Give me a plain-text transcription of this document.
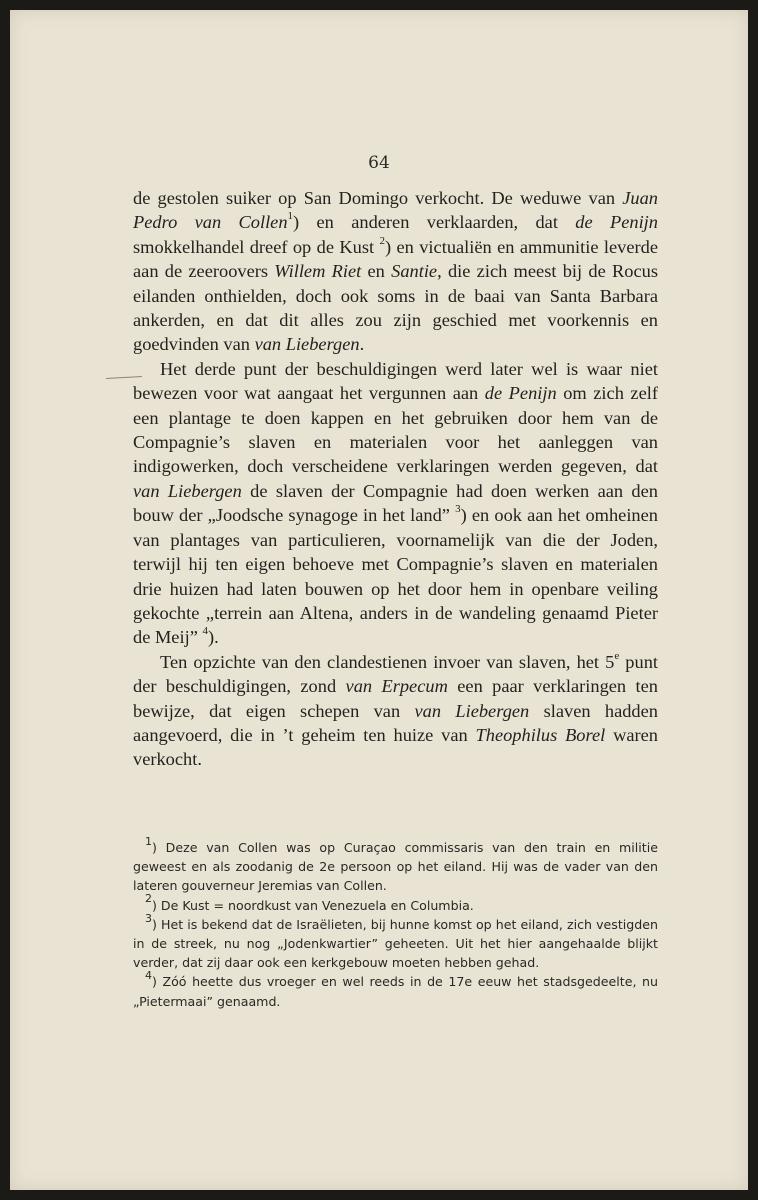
64

de gestolen suiker op San Domingo verkocht. De weduwe van Juan Pedro van Collen$^1$) en anderen verklaarden, dat de Penijn smokkelhandel dreef op de Kust $^2$) en victualiën en ammunitie leverde aan de zeeroovers Willem Riet en Santie, die zich meest bij de Rocus eilanden onthielden, doch ook soms in de baai van Santa Barbara ankerden, en dat dit alles zou zijn geschied met voorkennis en goedvinden van van Liebergen.

Het derde punt der beschuldigingen werd later wel is waar niet bewezen voor wat aangaat het vergunnen aan de Penijn om zich zelf een plantage te doen kappen en het gebruiken door hem van de Compagnie’s slaven en materialen voor het aanleggen van indigowerken, doch verscheidene verklaringen werden gegeven, dat van Liebergen de slaven der Compagnie had doen werken aan den bouw der „Joodsche synagoge in het land” $^3$) en ook aan het omheinen van plantages van particulieren, voornamelijk van die der Joden, terwijl hij ten eigen behoeve met Compagnie’s slaven en materialen drie huizen had laten bouwen op het door hem in openbare veiling gekochte „terrein aan Altena, anders in de wandeling genaamd Pieter de Meij” $^4$).

Ten opzichte van den clandestienen invoer van slaven, het 5e punt der beschuldigingen, zond van Erpecum een paar verklaringen ten bewijze, dat eigen schepen van van Liebergen slaven hadden aangevoerd, die in ’t geheim ten huize van Theophilus Borel waren verkocht.

$^1$) Deze van Collen was op Curaçao commissaris van den train en militie geweest en als zoodanig de 2e persoon op het eiland. Hij was de vader van den lateren gouverneur Jeremias van Collen.

$^2$) De Kust = noordkust van Venezuela en Columbia.

$^3$) Het is bekend dat de Israëlieten, bij hunne komst op het eiland, zich vestigden in de streek, nu nog „Jodenkwartier” geheeten. Uit het hier aangehaalde blijkt verder, dat zij daar ook een kerkgebouw moeten hebben gehad.

$^4$) Zóó heette dus vroeger en wel reeds in de 17e eeuw het stadsgedeelte, nu „Pietermaai” genaamd.
